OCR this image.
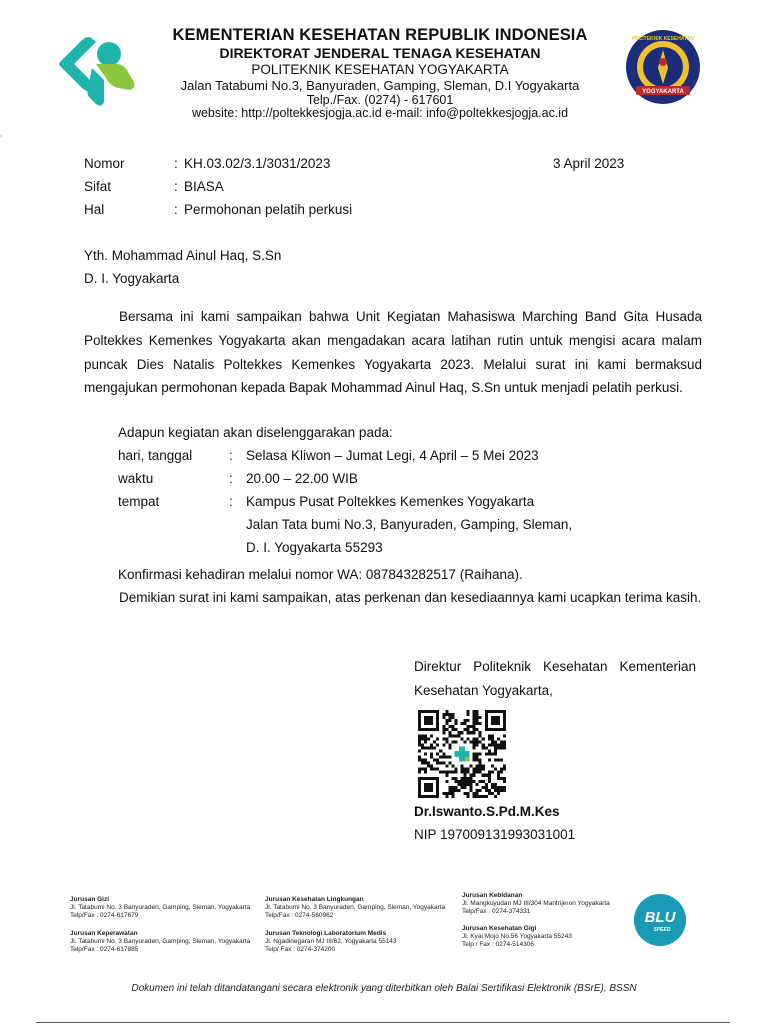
YOGYAKARTA
POLITEKNIK KESEHATAN
KEMENTERIAN KESEHATAN REPUBLIK INDONESIA
DIREKTORAT JENDERAL TENAGA KESEHATAN
POLITEKNIK KESEHATAN YOGYAKARTA
Jalan Tatabumi No.3, Banyuraden, Gamping, Sleman, D.I Yogyakarta
Telp./Fax. (0274) - 617601
website: http://poltekkesjogja.ac.id e-mail: info@poltekkesjogja.ac.id
Nomor	: KH.03.02/3.1/3031/2023	3 April 2023
Sifat	: BIASA
Hal	: Permohonan pelatih perkusi
Yth. Mohammad Ainul Haq, S.Sn
D. I. Yogyakarta
Bersama ini kami sampaikan bahwa Unit Kegiatan Mahasiswa Marching Band Gita Husada Poltekkes Kemenkes Yogyakarta akan mengadakan acara latihan rutin untuk mengisi acara malam puncak Dies Natalis Poltekkes Kemenkes Yogyakarta 2023. Melalui surat ini kami bermaksud mengajukan permohonan kepada Bapak Mohammad Ainul Haq, S.Sn untuk menjadi pelatih perkusi.
Adapun kegiatan akan diselenggarakan pada:
hari, tanggal	: Selasa Kliwon – Jumat Legi, 4 April – 5 Mei 2023
waktu	: 20.00 – 22.00 WIB
tempat	: Kampus Pusat Poltekkes Kemenkes Yogyakarta
Jalan Tata bumi No.3, Banyuraden, Gamping, Sleman,
D. I. Yogyakarta 55293
Konfirmasi kehadiran melalui nomor WA: 087843282517 (Raihana).
Demikian surat ini kami sampaikan, atas perkenan dan kesediaannya kami ucapkan terima kasih.
Direktur Politeknik Kesehatan Kementerian Kesehatan Yogyakarta,
Dr.Iswanto.S.Pd.M.Kes
NIP 197009131993031001
Jurusan Gizi
Jl. Tatabumi No. 3 Banyuraden, Gamping, Sleman, Yogyakarta
Telp/Fax : 0274-617679
Jurusan Kesehatan Lingkungan
Jl. Tatabumi No. 3 Banyuraden, Gamping, Sleman, Yogyakarta
Telp/Fax : 0274-560962
Jurusan Kebidanan
Jl. Mangkuyudan MJ III/304 Mantrijeron Yogyakarta
Telp/Fax : 0274-374331
Jurusan Keperawatan
Jl. Tatabumi No. 3 Banyuraden, Gamping, Sleman, Yogyakarta
Telp/Fax : 0274-617885
Jurusan Teknologi Laboratorium Medis
Jl. Ngadinegaran MJ III/62, Yogyakarta 55143
Telp/ Fax : 0274-374200
Jurusan Kesehatan Gigi
Jl. Kyai Mojo No.56 Yogyakarta 55243
Telp / Fax : 0274-514306
BLU
SPEED
Dokumen ini telah ditandatangani secara elektronik yang diterbitkan oleh Balai Sertifikasi Elektronik (BSrE), BSSN
